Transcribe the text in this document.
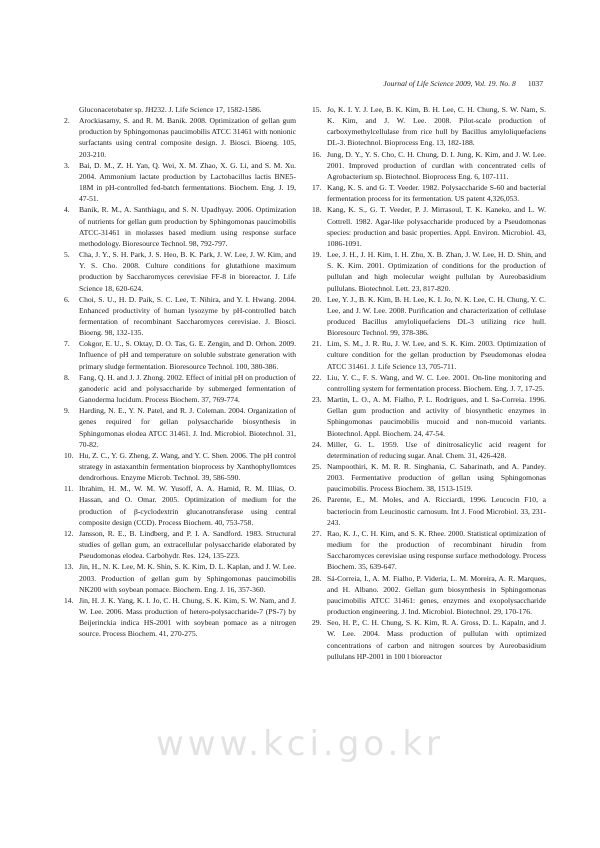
Journal of Life Science 2009, Vol. 19. No. 8 1037
Gluconacetobater sp. JH232. J. Life Science 17, 1582-1586.
2. Arockiasamy, S. and R. M. Banik. 2008. Optimization of gellan gum production by Sphingomonas paucimobilis ATCC 31461 with nonionic surfactants using central composite design. J. Biosci. Bioeng. 105, 203-210.
3. Bai, D. M., Z. H. Yan, Q. Wei, X. M. Zhao, X. G. Li, and S. M. Xu. 2004. Ammonium lactate production by Lactobacillus lactis BNE5-18M in pH-controlled fed-batch fermentations. Biochem. Eng. J. 19, 47-51.
4. Banik, R. M., A. Santhiagu, and S. N. Upadhyay. 2006. Optimization of nutrients for gellan gum production by Sphingomonas paucimobilis ATCC-31461 in molasses based medium using response surface methodology. Bioresource Technol. 98, 792-797.
5. Cha, J. Y., S. H. Park, J. S. Heo, B. K. Park, J. W. Lee, J. W. Kim, and Y. S. Cho. 2008. Culture conditions for glutathione maximum production by Saccharomyces cerevisiae FF-8 in bioreactor. J. Life Science 18, 620-624.
6. Choi, S. U., H. D. Paik, S. C. Lee, T. Nihira, and Y. I. Hwang. 2004. Enhanced productivity of human lysozyme by pH-controlled batch fermentation of recombinant Saccharomyces cerevisiae. J. Biosci. Bioeng. 98, 132-135.
7. Cokgor, E. U., S. Oktay, D. O. Tas, G. E. Zengin, and D. Orhon. 2009. Influence of pH and temperature on soluble substrate generation with primary sludge fermentation. Bioresource Technol. 100, 380-386.
8. Fang, Q. H. and J. J. Zhong. 2002. Effect of initial pH on production of ganoderic acid and polysaccharide by submerged fermentation of Ganoderma lucidum. Process Biochem. 37, 769-774.
9. Harding, N. E., Y. N. Patel, and R. J. Coleman. 2004. Organization of genes required for gellan polysaccharide biosynthesis in Sphingomonas elodea ATCC 31461. J. Ind. Microbiol. Biotechnol. 31, 70-82.
10. Hu, Z. C., Y. G. Zheng, Z. Wang, and Y. C. Shen. 2006. The pH control strategy in astaxanthin fermentation bioprocess by Xanthophyllomtces dendrorhous. Enzyme Microb. Technol. 39, 586-590.
11. Ibrahim, H. M., W. M. W. Yusoff, A. A. Hamid, R. M. Illias, O. Hassan, and O. Omar. 2005. Optimization of medium for the production of β-cyclodextrin glucanotransferase using central composite design (CCD). Process Biochem. 40, 753-758.
12. Jansson, R. E., B. Lindberg, and P. I. A. Sandford. 1983. Structural studies of gellan gum, an extracellular polysaccharide elaborated by Pseudomonas elodea. Carbohydr. Res. 124, 135-223.
13. Jin, H., N. K. Lee, M. K. Shin, S. K. Kim, D. L. Kaplan, and J. W. Lee. 2003. Production of gellan gum by Sphingomonas paucimobilis NK200 with soybean pomace. Biochem. Eng. J. 16, 357-360.
14. Jin, H. J. K. Yang, K. I. Jo, C. H. Chung, S. K. Kim, S. W. Nam, and J. W. Lee. 2006. Mass production of hetero-polysaccharide-7 (PS-7) by Beijerinckia indica HS-2001 with soybean pomace as a nitrogen source. Process Biochem. 41, 270-275.
15. Jo, K. I. Y. J. Lee, B. K. Kim, B. H. Lee, C. H. Chung, S. W. Nam, S. K. Kim, and J. W. Lee. 2008. Pilot-scale production of carboxymethylcellulase from rice hull by Bacillus amyloliquefaciens DL-3. Biotechnol. Bioprocess Eng. 13, 182-188.
16. Jung, D. Y., Y. S. Cho, C. H. Chung, D. I. Jung, K. Kim, and J. W. Lee. 2001. Improved production of curdlan with concentrated cells of Agrobacterium sp. Biotechnol. Bioprocess Eng. 6, 107-111.
17. Kang, K. S. and G. T. Veeder. 1982. Polysaccharide S-60 and bacterial fermentation process for its fermentation. US patent 4,326,053.
18. Kang, K. S., G. T. Veeder, P. J. Mirrasoul, T. K. Kaneko, and L. W. Cottrell. 1982. Agar-like polysaccharide produced by a Pseudomonas species: production and basic properties. Appl. Environ. Microbiol. 43, 1086-1091.
19. Lee, J. H., J. H. Kim, I. H. Zhu, X. B. Zhan, J. W. Lee, H. D. Shin, and S. K. Kim. 2001. Optimization of conditions for the production of pullulan and high molecular weight pullulan by Aureobasidium pullulans. Biotechnol. Lett. 23, 817-820.
20. Lee, Y. J., B. K. Kim, B. H. Lee, K. I. Jo, N. K. Lee, C. H. Chung, Y. C. Lee, and J. W. Lee. 2008. Purification and characterization of cellulase produced Bacillus amyloliquefaciens DL-3 utilizing rice hull. Bioresourc Technol. 99, 378-386.
21. Lim, S. M., J. R. Ru, J. W. Lee, and S. K. Kim. 2003. Optimization of culture condition for the gellan production by Pseudomonas elodea ATCC 31461. J. Life Science 13, 705-711.
22. Liu, Y. C., F. S. Wang, and W. C. Lee. 2001. On-line monitoring and controlling system for fermentation process. Biochem. Eng. J. 7, 17-25.
23. Martin, L. O., A. M. Fialho, P. L. Rodrigues, and I. Sa-Correia. 1996. Gellan gum production and activity of biosynthetic enzymes in Sphingomonas paucimobilis mucoid and non-mucoid variants. Biotechnol. Appl. Biochem. 24, 47-54.
24. Miller, G. L. 1959. Use of dinitrosalicylic acid reagent for determination of reducing sugar. Anal. Chem. 31, 426-428.
25. Nampoothiri, K. M. R. R. Singhania, C. Sabarinath, and A. Pandey. 2003. Fermentative production of gellan using Sphingomonas paucimobilis. Process Biochem. 38, 1513-1519.
26. Parente, E., M. Moles, and A. Ricciardi, 1996. Leucocin F10, a bacteriocin from Leucinostic carnosum. Int J. Food Microbiol. 33, 231-243.
27. Rao, K. J., C. H. Kim, and S. K. Rhee. 2000. Statistical optimization of medium for the production of recombinant hirudin from Saccharomyces cerevisiae using response surface methodology. Process Biochem. 35, 639-647.
28. Sá-Correia, I., A. M. Fialho, P. Videria, L. M. Moreira, A. R. Marques, and H. Albano. 2002. Gellan gum biosynthesis in Sphingomonas paucimobilis ATCC 31461: genes, enzymes and exopolysaccharide production engineering. J. Ind. Microbiol. Biotechnol. 29, 170-176.
29. Seo, H. P., C. H. Chung, S. K. Kim, R. A. Gross, D. L. Kapaln, and J. W. Lee. 2004. Mass production of pullulan with optimized concentrations of carbon and nitrogen sources by Aureobasidium pullulans HP-2001 in 100 l bioreactor
www.kci.go.kr
